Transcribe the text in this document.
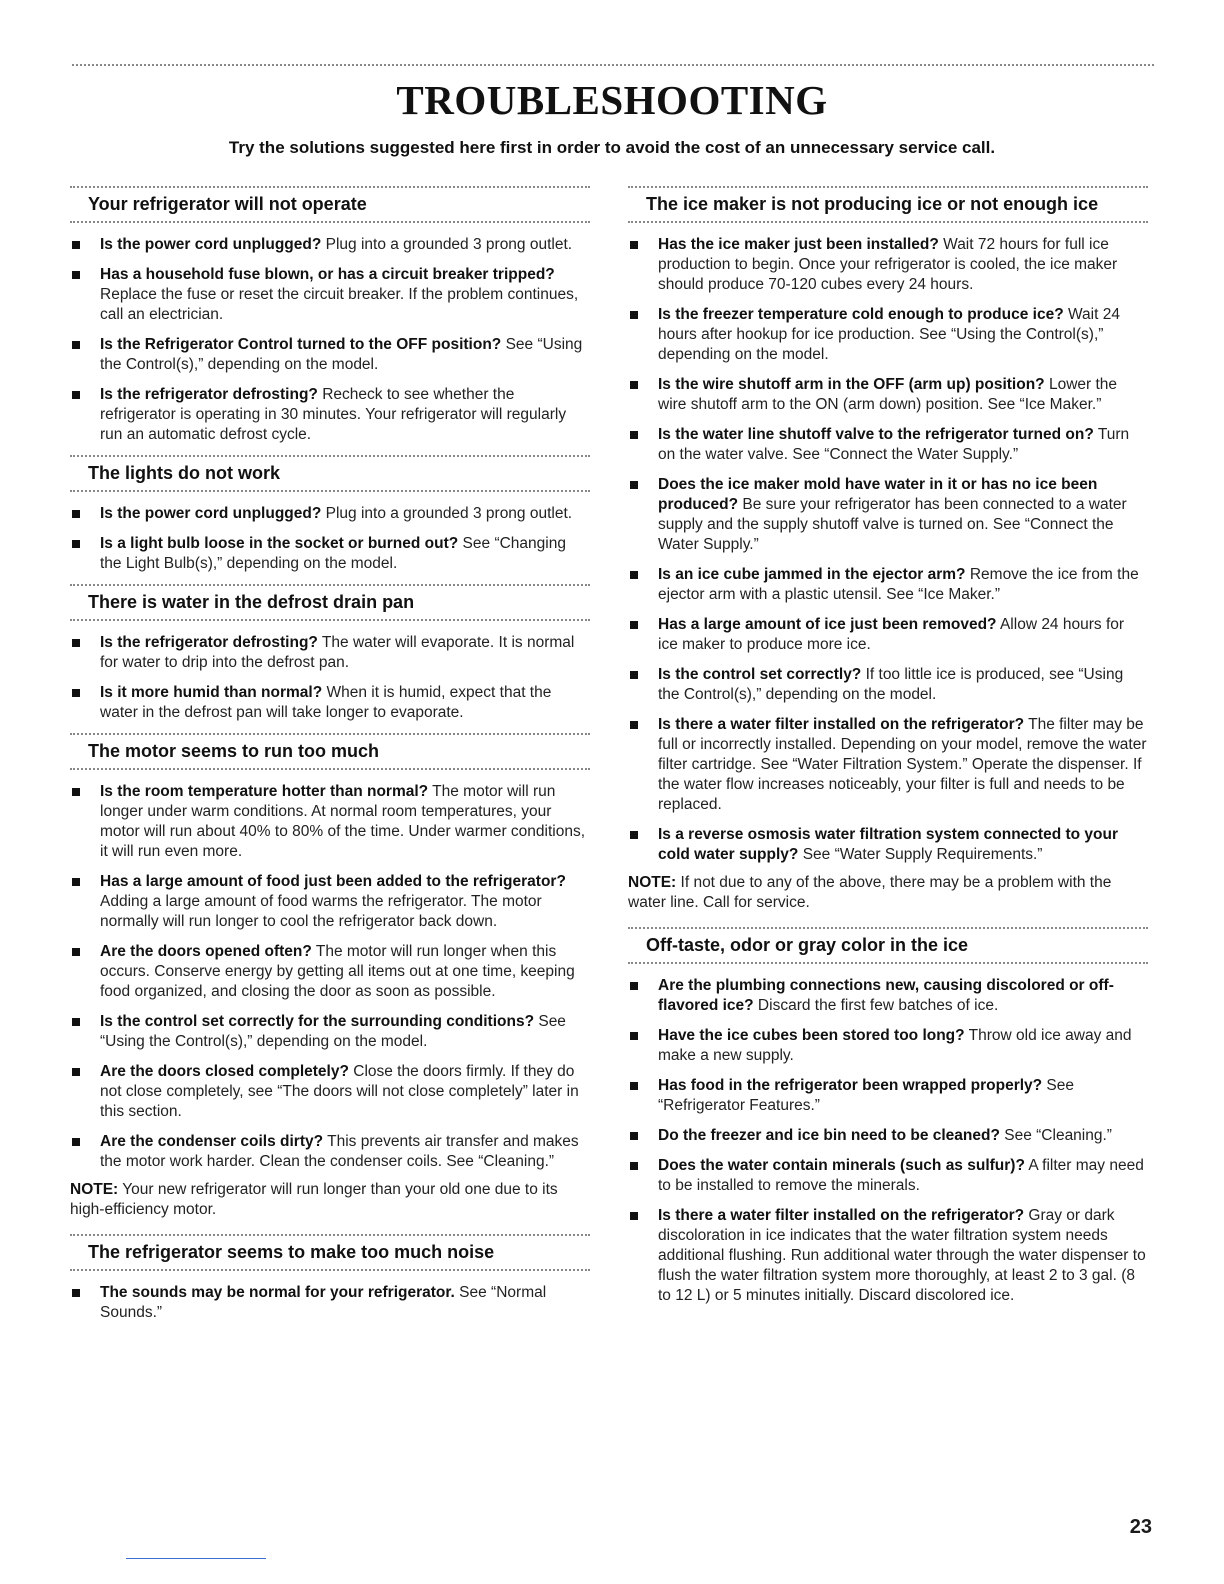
TROUBLESHOOTING

Try the solutions suggested here first in order to avoid the cost of an unnecessary service call.

Your refrigerator will not operate
Is the power cord unplugged? Plug into a grounded 3 prong outlet.
Has a household fuse blown, or has a circuit breaker tripped? Replace the fuse or reset the circuit breaker. If the problem continues, call an electrician.
Is the Refrigerator Control turned to the OFF position? See “Using the Control(s),” depending on the model.
Is the refrigerator defrosting? Recheck to see whether the refrigerator is operating in 30 minutes. Your refrigerator will regularly run an automatic defrost cycle.
The lights do not work
Is the power cord unplugged? Plug into a grounded 3 prong outlet.
Is a light bulb loose in the socket or burned out? See “Changing the Light Bulb(s),” depending on the model.
There is water in the defrost drain pan
Is the refrigerator defrosting? The water will evaporate. It is normal for water to drip into the defrost pan.
Is it more humid than normal? When it is humid, expect that the water in the defrost pan will take longer to evaporate.
The motor seems to run too much
Is the room temperature hotter than normal? The motor will run longer under warm conditions. At normal room temperatures, your motor will run about 40% to 80% of the time. Under warmer conditions, it will run even more.
Has a large amount of food just been added to the refrigerator? Adding a large amount of food warms the refrigerator. The motor normally will run longer to cool the refrigerator back down.
Are the doors opened often? The motor will run longer when this occurs. Conserve energy by getting all items out at one time, keeping food organized, and closing the door as soon as possible.
Is the control set correctly for the surrounding conditions? See “Using the Control(s),” depending on the model.
Are the doors closed completely? Close the doors firmly. If they do not close completely, see “The doors will not close completely” later in this section.
Are the condenser coils dirty? This prevents air transfer and makes the motor work harder. Clean the condenser coils. See “Cleaning.”

NOTE: Your new refrigerator will run longer than your old one due to its high-efficiency motor.

The refrigerator seems to make too much noise
The sounds may be normal for your refrigerator. See “Normal Sounds.”
The ice maker is not producing ice or not enough ice
Has the ice maker just been installed? Wait 72 hours for full ice production to begin. Once your refrigerator is cooled, the ice maker should produce 70-120 cubes every 24 hours.
Is the freezer temperature cold enough to produce ice? Wait 24 hours after hookup for ice production. See “Using the Control(s),” depending on the model.
Is the wire shutoff arm in the OFF (arm up) position? Lower the wire shutoff arm to the ON (arm down) position. See “Ice Maker.”
Is the water line shutoff valve to the refrigerator turned on? Turn on the water valve. See “Connect the Water Supply.”
Does the ice maker mold have water in it or has no ice been produced? Be sure your refrigerator has been connected to a water supply and the supply shutoff valve is turned on. See “Connect the Water Supply.”
Is an ice cube jammed in the ejector arm? Remove the ice from the ejector arm with a plastic utensil. See “Ice Maker.”
Has a large amount of ice just been removed? Allow 24 hours for ice maker to produce more ice.
Is the control set correctly? If too little ice is produced, see “Using the Control(s),” depending on the model.
Is there a water filter installed on the refrigerator? The filter may be full or incorrectly installed. Depending on your model, remove the water filter cartridge. See “Water Filtration System.” Operate the dispenser. If the water flow increases noticeably, your filter is full and needs to be replaced.
Is a reverse osmosis water filtration system connected to your cold water supply? See “Water Supply Requirements.”

NOTE: If not due to any of the above, there may be a problem with the water line. Call for service.

Off-taste, odor or gray color in the ice
Are the plumbing connections new, causing discolored or off-flavored ice? Discard the first few batches of ice.
Have the ice cubes been stored too long? Throw old ice away and make a new supply.
Has food in the refrigerator been wrapped properly? See “Refrigerator Features.”
Do the freezer and ice bin need to be cleaned? See “Cleaning.”
Does the water contain minerals (such as sulfur)? A filter may need to be installed to remove the minerals.
Is there a water filter installed on the refrigerator? Gray or dark discoloration in ice indicates that the water filtration system needs additional flushing. Run additional water through the water dispenser to flush the water filtration system more thoroughly, at least 2 to 3 gal. (8 to 12 L) or 5 minutes initially. Discard discolored ice.
23
